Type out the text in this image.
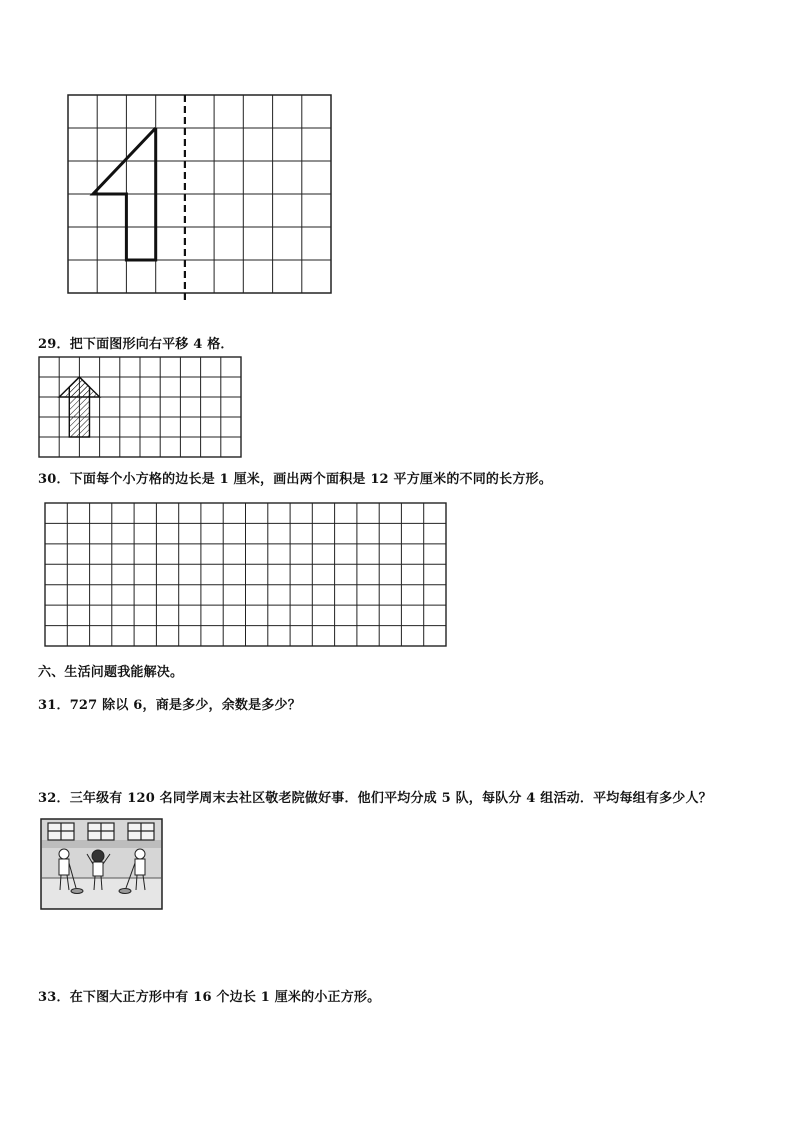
29．把下面图形向右平移 4 格．
30．下面每个小方格的边长是 1 厘米，画出两个面积是 12 平方厘米的不同的长方形。
六、生活问题我能解决。
31．727 除以 6，商是多少，余数是多少？
32．三年级有 120 名同学周末去社区敬老院做好事．他们平均分成 5 队，每队分 4 组活动．平均每组有多少人？
33．在下图大正方形中有 16 个边长 1 厘米的小正方形。
